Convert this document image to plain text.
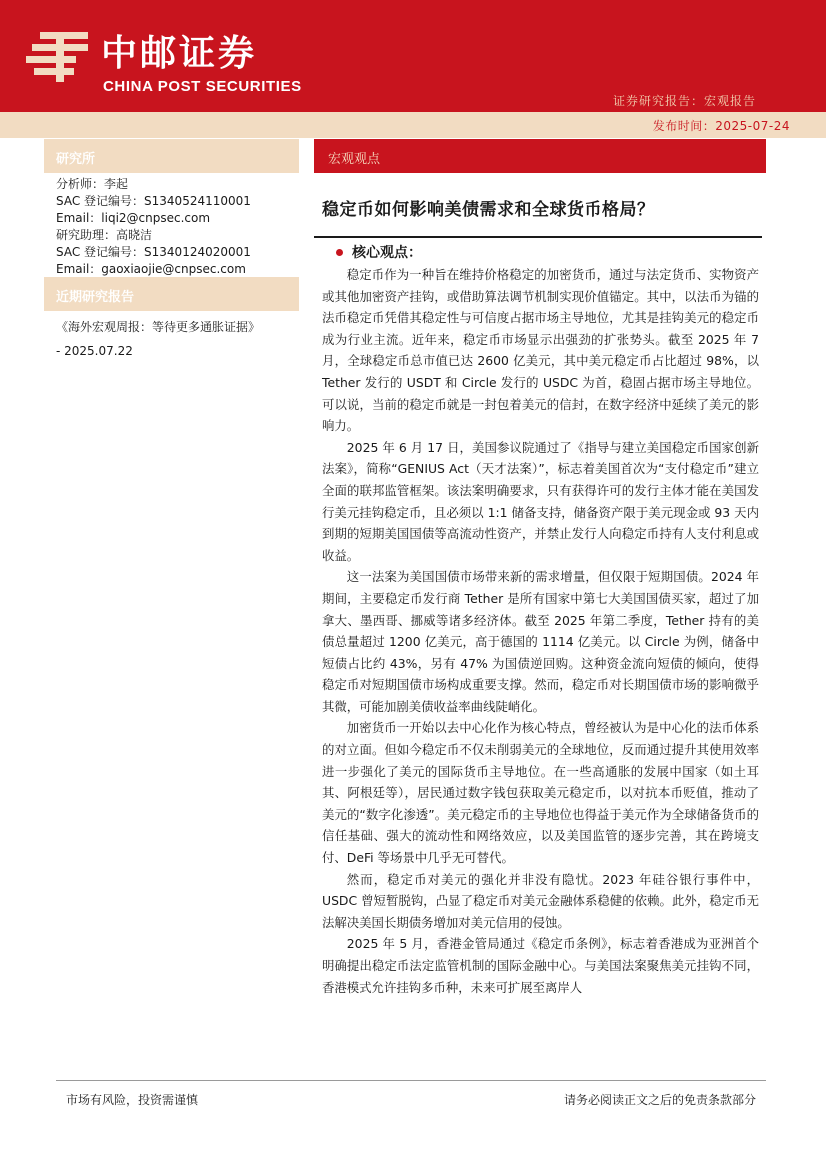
中邮证券
CHINA POST SECURITIES
证券研究报告：宏观报告
发布时间：2025-07-24
研究所
分析师：李起
SAC 登记编号：S1340524110001
Email：liqi2@cnpsec.com
研究助理：高晓洁
SAC 登记编号：S1340124020001
Email：gaoxiaojie@cnpsec.com
近期研究报告
《海外宏观周报：等待更多通胀证据》
- 2025.07.22
宏观观点
稳定币如何影响美债需求和全球货币格局？
核心观点：

稳定币作为一种旨在维持价格稳定的加密货币，通过与法定货币、实物资产或其他加密资产挂钩，或借助算法调节机制实现价值锚定。其中，以法币为锚的法币稳定币凭借其稳定性与可信度占据市场主导地位，尤其是挂钩美元的稳定币成为行业主流。近年来，稳定币市场显示出强劲的扩张势头。截至 2025 年 7 月，全球稳定币总市值已达 2600 亿美元，其中美元稳定币占比超过 98%，以 Tether 发行的 USDT 和 Circle 发行的 USDC 为首，稳固占据市场主导地位。可以说，当前的稳定币就是一封包着美元的信封，在数字经济中延续了美元的影响力。

2025 年 6 月 17 日，美国参议院通过了《指导与建立美国稳定币国家创新法案》，简称“GENIUS Act（天才法案）”，标志着美国首次为“支付稳定币”建立全面的联邦监管框架。该法案明确要求，只有获得许可的发行主体才能在美国发行美元挂钩稳定币，且必须以 1:1 储备支持，储备资产限于美元现金或 93 天内到期的短期美国国债等高流动性资产，并禁止发行人向稳定币持有人支付利息或收益。

这一法案为美国国债市场带来新的需求增量，但仅限于短期国债。2024 年期间，主要稳定币发行商 Tether 是所有国家中第七大美国国债买家，超过了加拿大、墨西哥、挪威等诸多经济体。截至 2025 年第二季度，Tether 持有的美债总量超过 1200 亿美元，高于德国的 1114 亿美元。以 Circle 为例，储备中短债占比约 43%，另有 47% 为国债逆回购。这种资金流向短债的倾向，使得稳定币对短期国债市场构成重要支撑。然而，稳定币对长期国债市场的影响微乎其微，可能加剧美债收益率曲线陡峭化。

加密货币一开始以去中心化作为核心特点，曾经被认为是中心化的法币体系的对立面。但如今稳定币不仅未削弱美元的全球地位，反而通过提升其使用效率进一步强化了美元的国际货币主导地位。在一些高通胀的发展中国家（如土耳其、阿根廷等），居民通过数字钱包获取美元稳定币，以对抗本币贬值，推动了美元的“数字化渗透”。美元稳定币的主导地位也得益于美元作为全球储备货币的信任基础、强大的流动性和网络效应，以及美国监管的逐步完善，其在跨境支付、DeFi 等场景中几乎无可替代。

然而，稳定币对美元的强化并非没有隐忧。2023 年硅谷银行事件中，USDC 曾短暂脱钩，凸显了稳定币对美元金融体系稳健的依赖。此外，稳定币无法解决美国长期债务增加对美元信用的侵蚀。

2025 年 5 月，香港金管局通过《稳定币条例》，标志着香港成为亚洲首个明确提出稳定币法定监管机制的国际金融中心。与美国法案聚焦美元挂钩不同，香港模式允许挂钩多币种，未来可扩展至离岸人

市场有风险，投资需谨慎	请务必阅读正文之后的免责条款部分
